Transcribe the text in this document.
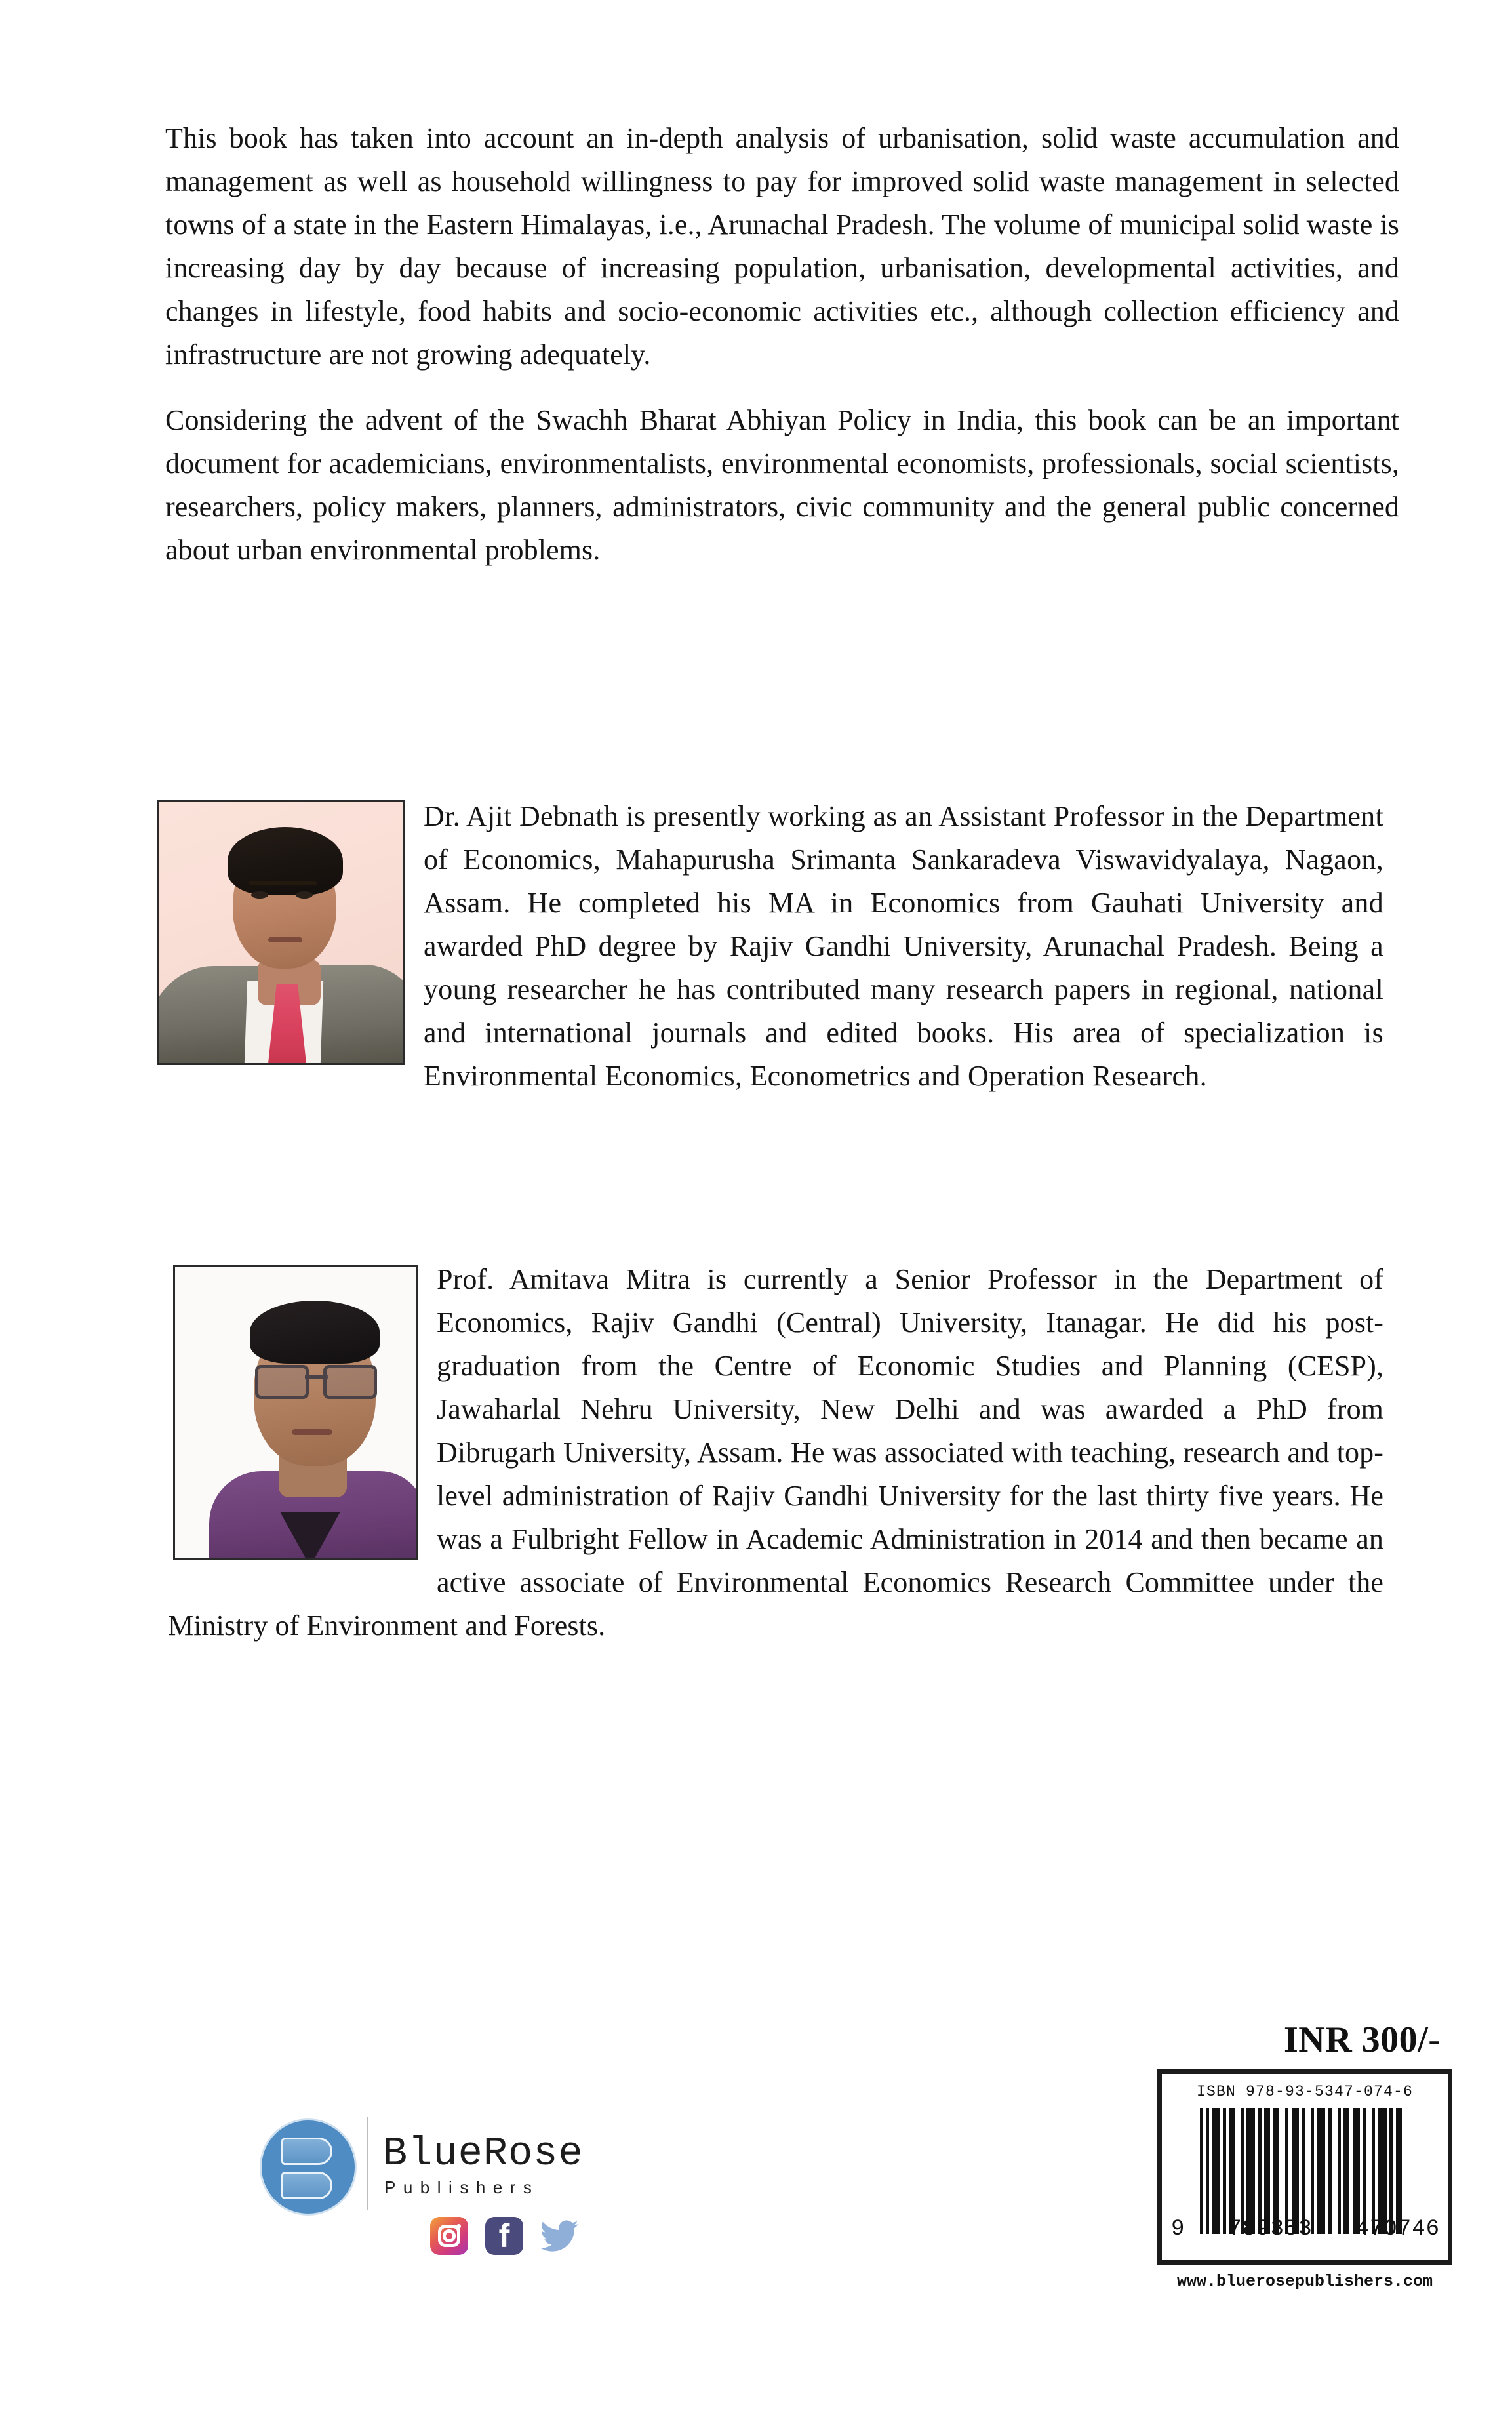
This book has taken into account an in-depth analysis of urbanisation, solid waste accumulation and management as well as household willingness to pay for improved solid waste management in selected towns of a state in the Eastern Himalayas, i.e., Arunachal Pradesh. The volume of municipal solid waste is increasing day by day because of increasing population, urbanisation, developmental activities, and changes in lifestyle, food habits and socio-economic activities etc., although collection efficiency and infrastructure are not growing adequately.

Considering the advent of the Swachh Bharat Abhiyan Policy in India, this book can be an important document for academicians, environmentalists, environmental economists, professionals, social scientists, researchers, policy makers, planners, administrators, civic community and the general public concerned about urban environmental problems.

Dr. Ajit Debnath is presently working as an Assistant Professor in the Department of Economics, Mahapurusha Srimanta Sankaradeva Viswavidyalaya, Nagaon, Assam. He completed his MA in Economics from Gauhati University and awarded PhD degree by Rajiv Gandhi University, Arunachal Pradesh. Being a young researcher he has contributed many research papers in regional, national and international journals and edited books. His area of specialization is Environmental Economics, Econometrics and Operation Research.

Prof. Amitava Mitra is currently a Senior Professor in the Department of Economics, Rajiv Gandhi (Central) University, Itanagar. He did his post-graduation from the Centre of Economic Studies and Planning (CESP), Jawaharlal Nehru University, New Delhi and was awarded a PhD from Dibrugarh University, Assam. He was associated with teaching, research and top-level administration of Rajiv Gandhi University for the last thirty five years. He was a Fulbright Fellow in Academic Administration in 2014 and then became an active associate of Environmental Economics Research Committee under the Ministry of Environment and Forests.

BlueRose
Publishers
f
INR 300/-
ISBN 978-93-5347-074-6
9 789353 470746
www.bluerosepublishers.com
